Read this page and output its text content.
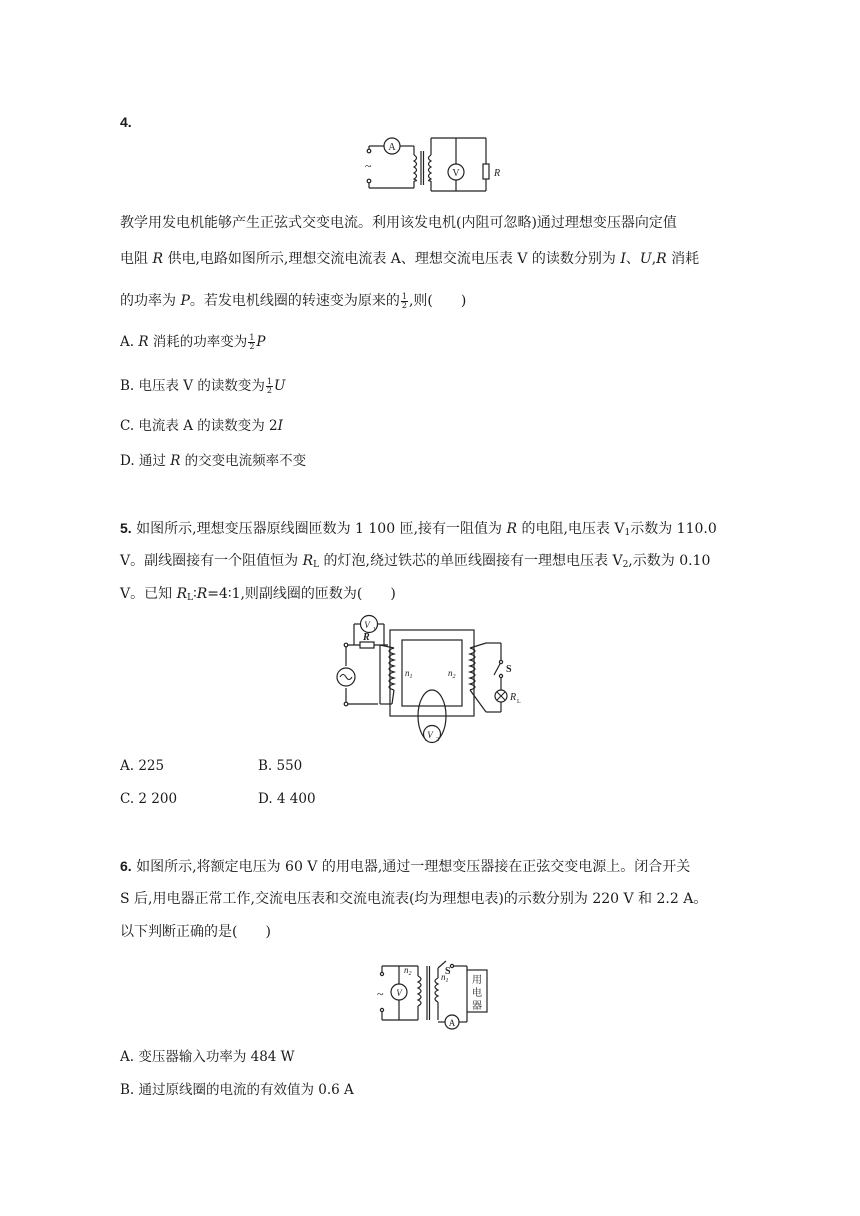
4.
A
V	R
~
教学用发电机能够产生正弦式交变电流。利用该发电机(内阻可忽略)通过理想变压器向定值
电阻 R 供电,电路如图所示,理想交流电流表 A、理想交流电压表 V 的读数分别为 I、U,R 消耗
的功率为 P。若发电机线圈的转速变为原来的 $\frac{1}{2}$ ,则(　　)
A. R 消耗的功率变为 $\frac{1}{2}$ P
B. 电压表 V 的读数变为 $\frac{1}{2}$ U
C. 电流表 A 的读数变为 2I
D. 通过 R 的交变电流频率不变
5. 如图所示,理想变压器原线圈匝数为 1 100 匝,接有一阻值为 R 的电阻,电压表 $V_1$示数为 110.0
V。副线圈接有一个阻值恒为 $R_L$ 的灯泡,绕过铁芯的单匝线圈接有一理想电压表 $V_2$,示数为 0.10
V。已知 $R_L∶R=4∶1$,则副线圈的匝数为(　　)
V 1
R
V 2
R L
S
$n_1$	$n_2$
A. 225	B. 550
C. 2 200	D. 4 400
6. 如图所示,将额定电压为 60 V 的用电器,通过一理想变压器接在正弦交变电源上。闭合开关
S 后,用电器正常工作,交流电压表和交流电流表(均为理想电表)的示数分别为 220 V 和 2.2 A。
以下判断正确的是(　　)
~ V
$n_2$	$n_1$
S
用
电
器
A
A. 变压器输入功率为 484 W
B. 通过原线圈的电流的有效值为 0.6 A
